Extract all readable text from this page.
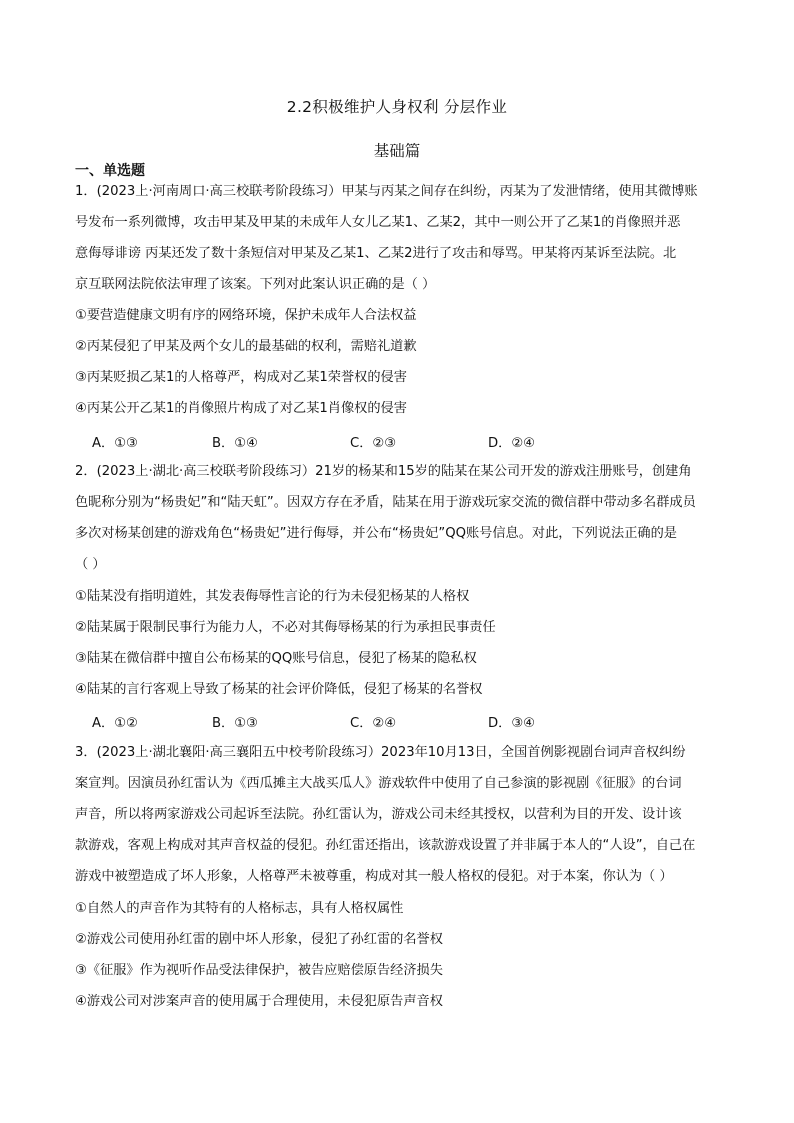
2.2积极维护人身权利 分层作业
基础篇
一、单选题
1．(2023上·河南周口·高三校联考阶段练习）甲某与丙某之间存在纠纷，丙某为了发泄情绪，使用其微博账
号发布一系列微博，攻击甲某及甲某的未成年人女儿乙某1、乙某2，其中一则公开了乙某1的肖像照并恶
意侮辱诽谤 丙某还发了数十条短信对甲某及乙某1、乙某2进行了攻击和辱骂。甲某将丙某诉至法院。北
京互联网法院依法审理了该案。下列对此案认识正确的是（ ）
①要营造健康文明有序的网络环境，保护未成年人合法权益
②丙某侵犯了甲某及两个女儿的最基础的权利，需赔礼道歉
③丙某贬损乙某1的人格尊严，构成对乙某1荣誉权的侵害
④丙某公开乙某1的肖像照片构成了对乙某1肖像权的侵害
A．①③	B．①④	C．②③	D．②④
2．(2023上·湖北·高三校联考阶段练习）21岁的杨某和15岁的陆某在某公司开发的游戏注册账号，创建角
色昵称分别为“杨贵妃”和“陆天虹”。因双方存在矛盾，陆某在用于游戏玩家交流的微信群中带动多名群成员
多次对杨某创建的游戏角色“杨贵妃”进行侮辱，并公布“杨贵妃”QQ账号信息。对此，下列说法正确的是
（ ）
①陆某没有指明道姓，其发表侮辱性言论的行为未侵犯杨某的人格权
②陆某属于限制民事行为能力人，不必对其侮辱杨某的行为承担民事责任
③陆某在微信群中擅自公布杨某的QQ账号信息，侵犯了杨某的隐私权
④陆某的言行客观上导致了杨某的社会评价降低，侵犯了杨某的名誉权
A．①②	B．①③	C．②④	D．③④
3．(2023上·湖北襄阳·高三襄阳五中校考阶段练习）2023年10月13日，全国首例影视剧台词声音权纠纷
案宣判。因演员孙红雷认为《西瓜摊主大战买瓜人》游戏软件中使用了自己参演的影视剧《征服》的台词
声音，所以将两家游戏公司起诉至法院。孙红雷认为，游戏公司未经其授权，以营利为目的开发、设计该
款游戏，客观上构成对其声音权益的侵犯。孙红雷还指出，该款游戏设置了并非属于本人的“人设”，自己在
游戏中被塑造成了坏人形象，人格尊严未被尊重，构成对其一般人格权的侵犯。对于本案，你认为（ ）
①自然人的声音作为其特有的人格标志，具有人格权属性
②游戏公司使用孙红雷的剧中坏人形象，侵犯了孙红雷的名誉权
③《征服》作为视听作品受法律保护，被告应赔偿原告经济损失
④游戏公司对涉案声音的使用属于合理使用，未侵犯原告声音权
